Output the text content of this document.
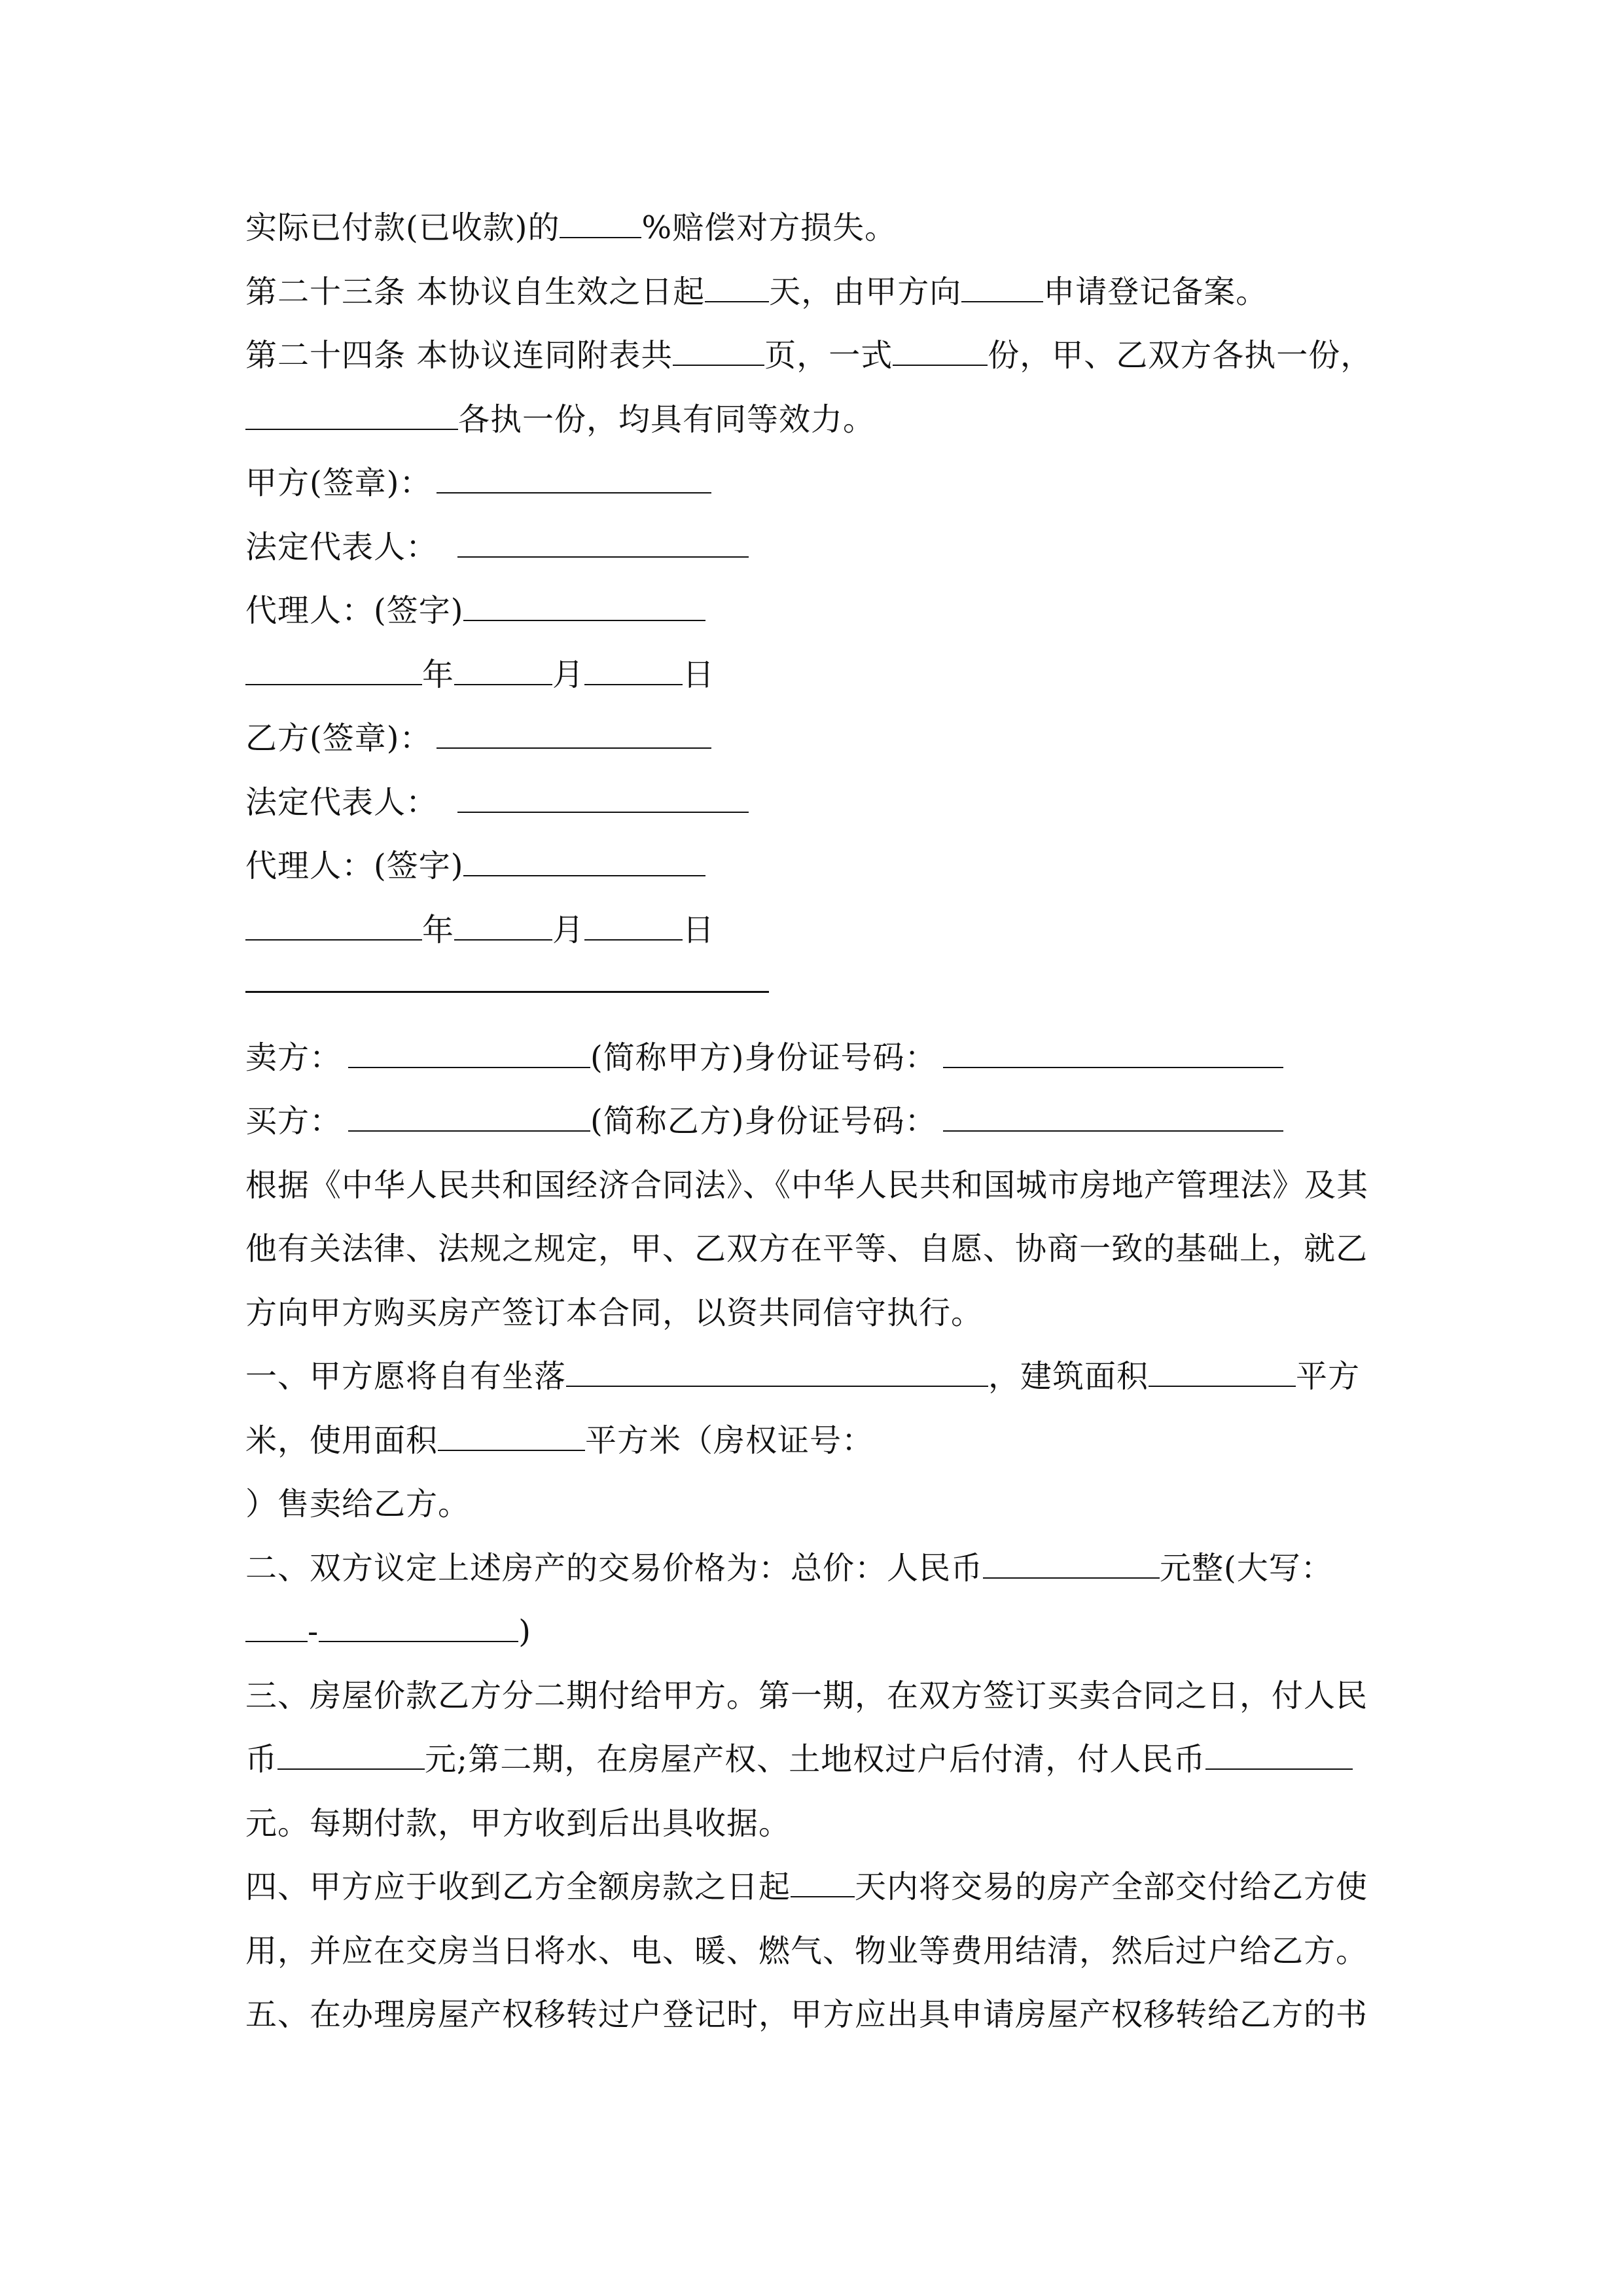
实际已付款(已收款)的	%赔偿对方损失。
第二十三条 本协议自生效之日起 天，由甲方向	申请登记备案。
第二十四条 本协议连同附表共	页，一式	份，甲、乙双方各执一份，
各执一份，均具有同等效力。
甲方(签章)：
法定代表人：
代理人：(签字)
年	月	日
乙方(签章)：
法定代表人：
代理人：(签字)
年	月	日
卖方：	(简称甲方)身份证号码：
买方：	(简称乙方)身份证号码：
根据《中华人民共和国经济合同法》、《中华人民共和国城市房地产管理法》及其
他有关法律、法规之规定，甲、乙双方在平等、自愿、协商一致的基础上，就乙
方向甲方购买房产签订本合同，以资共同信守执行。
一、甲方愿将自有坐落	，建筑面积	平方
米，使用面积	平方米（房权证号：
）售卖给乙方。
二、双方议定上述房产的交易价格为：总价：人民币	元整(大写：
-	)
三、房屋价款乙方分二期付给甲方。第一期，在双方签订买卖合同之日，付人民
币	元;第二期，在房屋产权、土地权过户后付清，付人民币
元。每期付款，甲方收到后出具收据。
四、甲方应于收到乙方全额房款之日起 天内将交易的房产全部交付给乙方使
用，并应在交房当日将水、电、暖、燃气、物业等费用结清，然后过户给乙方。
五、在办理房屋产权移转过户登记时，甲方应出具申请房屋产权移转给乙方的书
